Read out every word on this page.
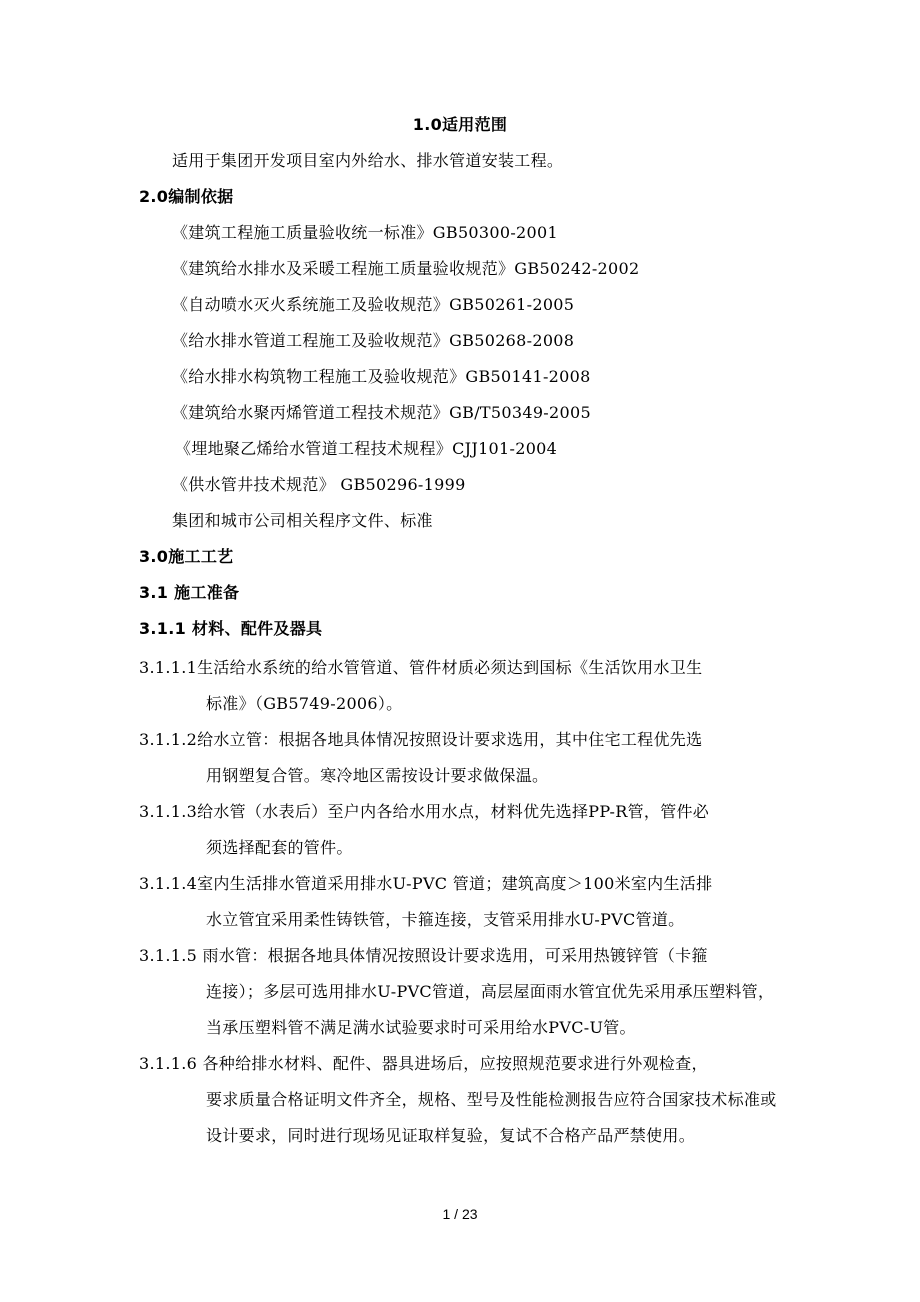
1.0适用范围
适用于集团开发项目室内外给水、排水管道安装工程。
2.0编制依据
《建筑工程施工质量验收统一标准》GB50300-2001
《建筑给水排水及采暖工程施工质量验收规范》GB50242-2002
《自动喷水灭火系统施工及验收规范》GB50261-2005
《给水排水管道工程施工及验收规范》GB50268-2008
《给水排水构筑物工程施工及验收规范》GB50141-2008
《建筑给水聚丙烯管道工程技术规范》GB/T50349-2005
《埋地聚乙烯给水管道工程技术规程》CJJ101-2004
《供水管井技术规范》 GB50296-1999
集团和城市公司相关程序文件、标准
3.0施工工艺
3.1 施工准备
3.1.1 材料、配件及器具
3.1.1.1生活给水系统的给水管管道、管件材质必须达到国标《生活饮用水卫生
标准》（GB5749-2006）。
3.1.1.2给水立管：根据各地具体情况按照设计要求选用，其中住宅工程优先选
用钢塑复合管。寒冷地区需按设计要求做保温。
3.1.1.3给水管（水表后）至户内各给水用水点，材料优先选择PP-R管，管件必
须选择配套的管件。
3.1.1.4室内生活排水管道采用排水U-PVC 管道；建筑高度＞100米室内生活排
水立管宜采用柔性铸铁管，卡箍连接，支管采用排水U-PVC管道。
3.1.1.5 雨水管：根据各地具体情况按照设计要求选用，可采用热镀锌管（卡箍
连接）；多层可选用排水U-PVC管道，高层屋面雨水管宜优先采用承压塑料管，当承压塑料管不满足满水试验要求时可采用给水PVC-U管。
3.1.1.6 各种给排水材料、配件、器具进场后，应按照规范要求进行外观检查，
要求质量合格证明文件齐全，规格、型号及性能检测报告应符合国家技术标准或设计要求，同时进行现场见证取样复验，复试不合格产品严禁使用。
1 / 23
